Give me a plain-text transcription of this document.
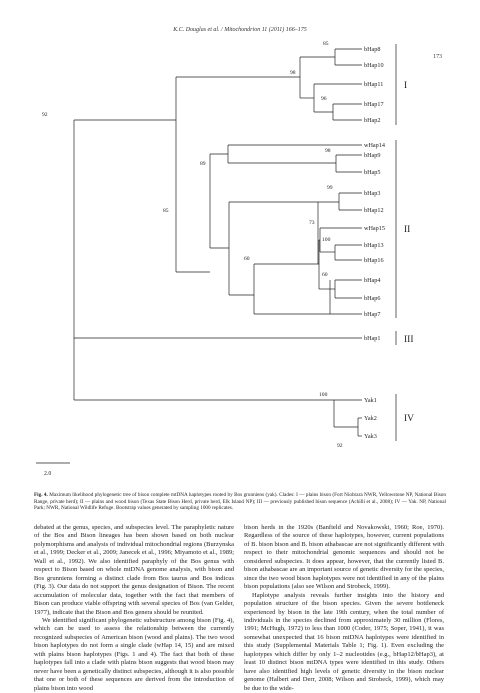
K.C. Douglas et al. / Mitochondrion 11 (2011) 166–175
173
bHap8
bHap10
bHap11
bHap17
bHap2
wHap14
bHap9
bHap5
bHap3
bHap12
wHap15
bHap13
bHap16
bHap4
bHap6
bHap7
bHap1
Yak1
Yak2
Yak3
85
98
96
92
89
98
99
85
73
100
60
60
100
92
I
II
III
IV
2.0
Fig. 4. Maximum likelihood phylogenetic tree of bison complete mtDNA haplotypes rooted by Bos grunniens (yak). Clades: I — plains bison (Fort Niobrara NWR, Yellowstone NP, National Bison Range, private herd); II — plains and wood bison (Texas State Bison Herd, private herd, Elk Island NP); III — previously published bison sequence (Achilli et al., 2008); IV — Yak. NP, National Park; NWR, National Wildlife Refuge. Bootstrap values generated by sampling 1000 replicates.

debated at the genus, species, and subspecies level. The paraphyletic nature of the Bos and Bison lineages has been shown based on both nuclear polymorphisms and analysis of individual mitochondrial regions (Burzynska et al., 1999; Decker et al., 2009; Janecek et al., 1996; Miyamoto et al., 1989; Wall et al., 1992). We also identified paraphyly of the Bos genus with respect to Bison based on whole mtDNA genome analysis, with bison and Bos grunniens forming a distinct clade from Bos taurus and Bos indicus (Fig. 3). Our data do not support the genus designation of Bison. The recent accumulation of molecular data, together with the fact that members of Bison can produce viable offspring with several species of Bos (van Gelder, 1977), indicate that the Bison and Bos genera should be reunited.

We identified significant phylogenetic substructure among bison (Fig. 4), which can be used to assess the relationship between the currently recognized subspecies of American bison (wood and plains). The two wood bison haplotypes do not form a single clade (wHap 14, 15) and are mixed with plains bison haplotypes (Figs. 1 and 4). The fact that both of these haplotypes fall into a clade with plains bison suggests that wood bison may never have been a genetically distinct subspecies, although it is also possible that one or both of these sequences are derived from the introduction of plains bison into wood

bison herds in the 1920s (Banfield and Novakowski, 1960; Roe, 1970). Regardless of the source of these haplotypes, however, current populations of B. bison bison and B. bison athabascae are not significantly different with respect to their mitochondrial genomic sequences and should not be considered subspecies. It does appear, however, that the currently listed B. bison athabascae are an important source of genetic diversity for the species, since the two wood bison haplotypes were not identified in any of the plains bison populations (also see Wilson and Strobeck, 1999).

Haplotype analysis reveals further insights into the history and population structure of the bison species. Given the severe bottleneck experienced by bison in the late 19th century, when the total number of individuals in the species declined from approximately 30 million (Flores, 1991; McHugh, 1972) to less than 1000 (Coder, 1975; Soper, 1941), it was somewhat unexpected that 16 bison mtDNA haplotypes were identified in this study (Supplemental Materials Table 1; Fig. 1). Even excluding the haplotypes which differ by only 1–2 nucleotides (e.g., bHap12/bHap3), at least 10 distinct bison mtDNA types were identified in this study. Others have also identified high levels of genetic diversity in the bison nuclear genome (Halbert and Derr, 2008; Wilson and Strobeck, 1999), which may be due to the wide-
